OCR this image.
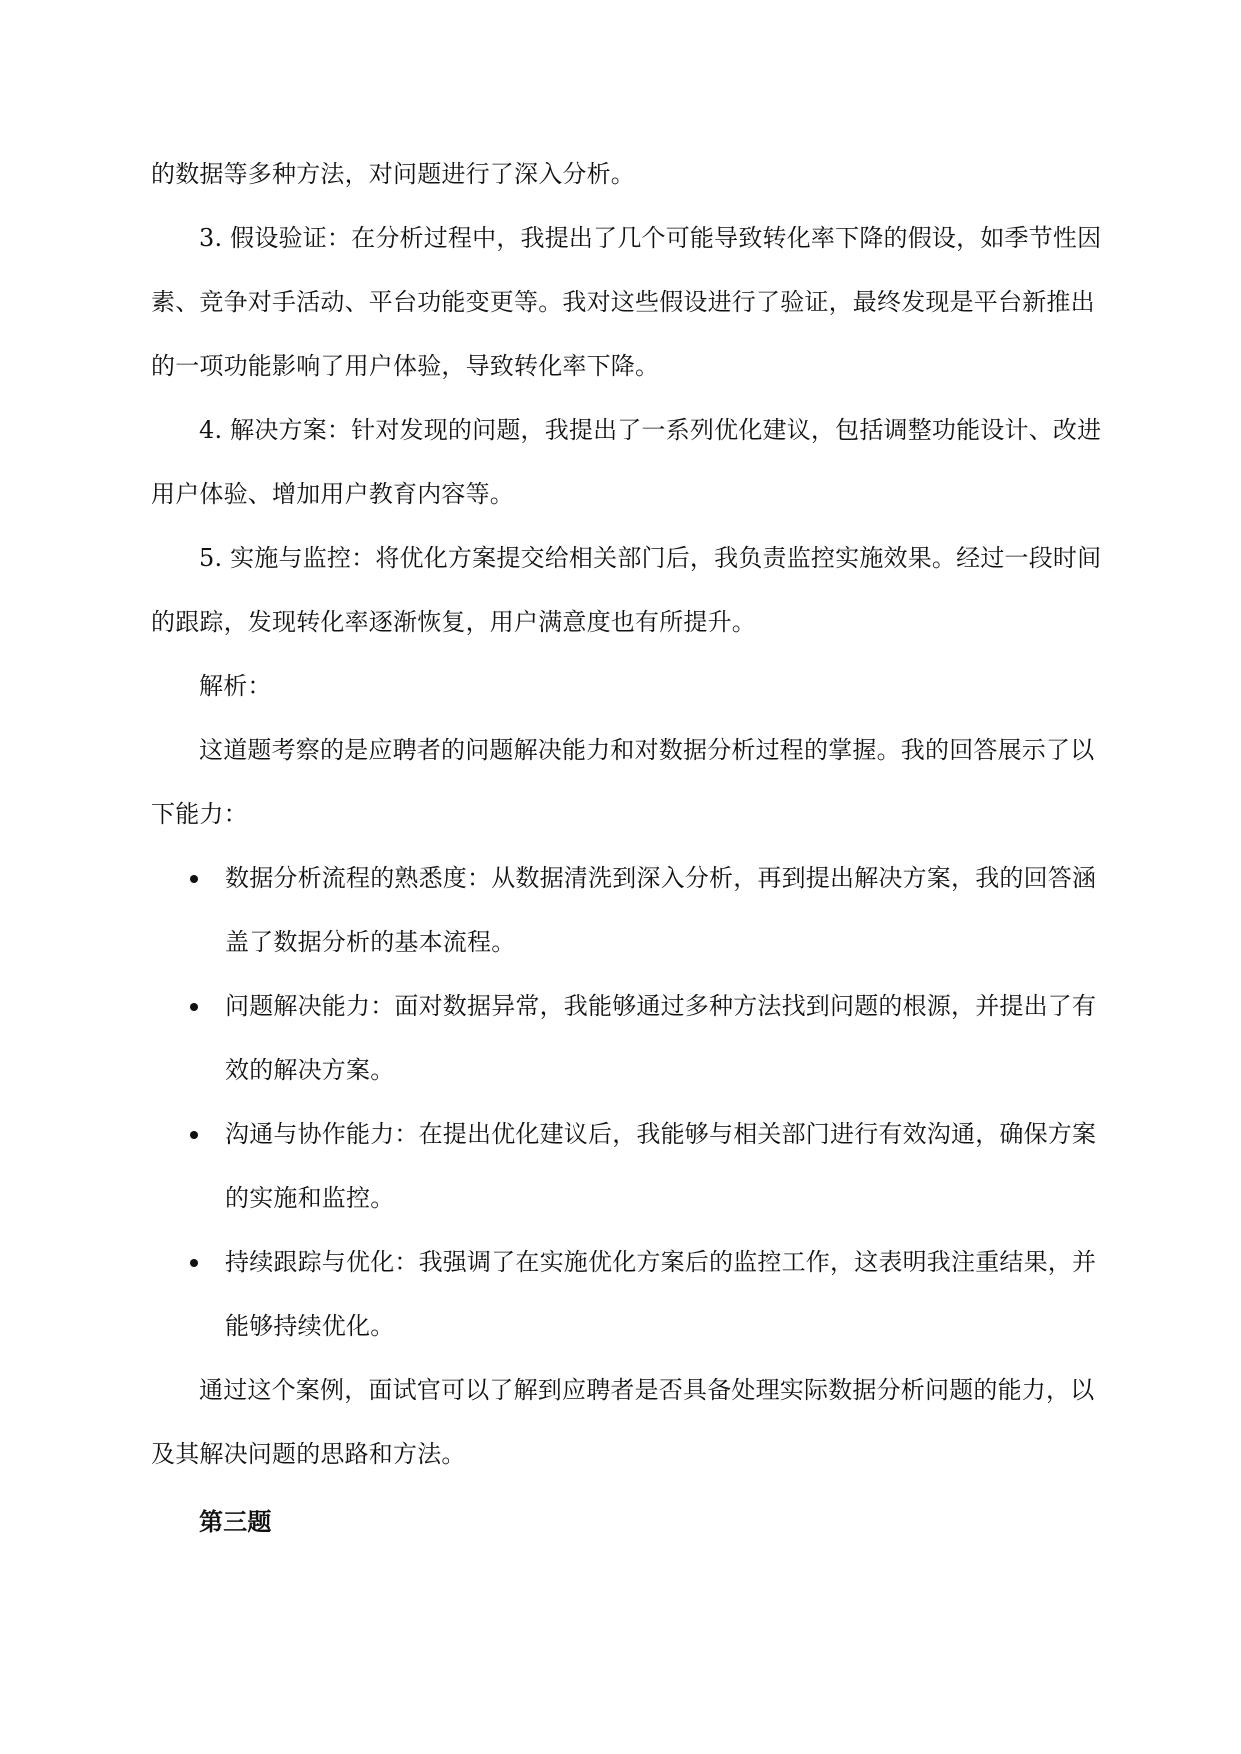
的数据等多种方法，对问题进行了深入分析。

3. 假设验证：在分析过程中，我提出了几个可能导致转化率下降的假设，如季节性因素、竞争对手活动、平台功能变更等。我对这些假设进行了验证，最终发现是平台新推出的一项功能影响了用户体验，导致转化率下降。

4. 解决方案：针对发现的问题，我提出了一系列优化建议，包括调整功能设计、改进用户体验、增加用户教育内容等。

5. 实施与监控：将优化方案提交给相关部门后，我负责监控实施效果。经过一段时间的跟踪，发现转化率逐渐恢复，用户满意度也有所提升。

解析：

这道题考察的是应聘者的问题解决能力和对数据分析过程的掌握。我的回答展示了以下能力：

数据分析流程的熟悉度：从数据清洗到深入分析，再到提出解决方案，我的回答涵盖了数据分析的基本流程。
问题解决能力：面对数据异常，我能够通过多种方法找到问题的根源，并提出了有效的解决方案。
沟通与协作能力：在提出优化建议后，我能够与相关部门进行有效沟通，确保方案的实施和监控。
持续跟踪与优化：我强调了在实施优化方案后的监控工作，这表明我注重结果，并能够持续优化。

通过这个案例，面试官可以了解到应聘者是否具备处理实际数据分析问题的能力，以及其解决问题的思路和方法。

第三题
